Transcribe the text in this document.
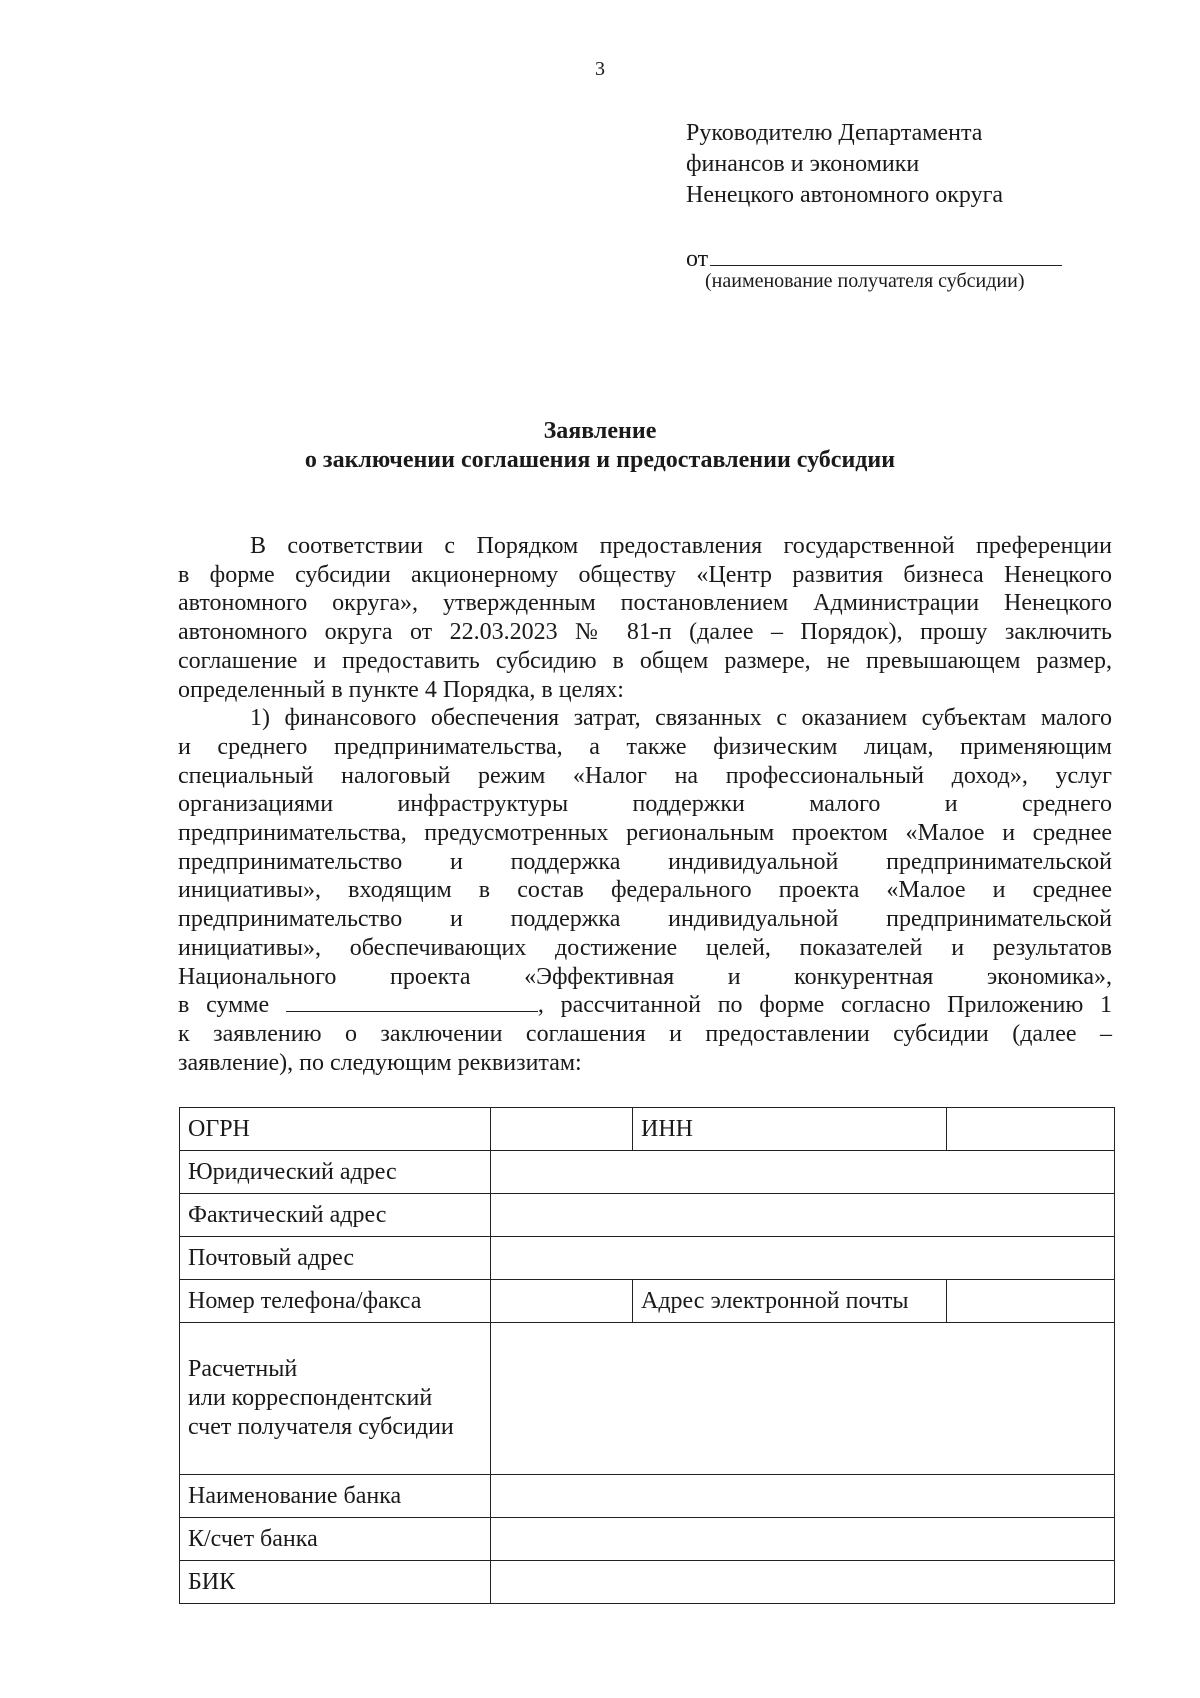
3
Руководителю Департамента
финансов и экономики
Ненецкого автономного округа
от
(наименование получателя субсидии)
Заявление
о заключении соглашения и предоставлении субсидии

В соответствии с Порядком предоставления государственной преференции

в форме субсидии акционерному обществу «Центр развития бизнеса Ненецкого

автономного округа», утвержденным постановлением Администрации Ненецкого

автономного округа от 22.03.2023 № 81-п (далее – Порядок), прошу заключить

соглашение и предоставить субсидию в общем размере, не превышающем размер,

определенный в пункте 4 Порядка, в целях:

1) финансового обеспечения затрат, связанных с оказанием субъектам малого

и среднего предпринимательства, а также физическим лицам, применяющим

специальный налоговый режим «Налог на профессиональный доход», услуг

организациями инфраструктуры поддержки малого и среднего

предпринимательства, предусмотренных региональным проектом «Малое и среднее

предпринимательство и поддержка индивидуальной предпринимательской

инициативы», входящим в состав федерального проекта «Малое и среднее

предпринимательство и поддержка индивидуальной предпринимательской

инициативы», обеспечивающих достижение целей, показателей и результатов

Национального проекта «Эффективная и конкурентная экономика»,

в сумме	, рассчитанной по форме согласно Приложению 1

к заявлению о заключении соглашения и предоставлении субсидии (далее –

заявление), по следующим реквизитам:

ОГРН		ИНН	
Юридический адрес			
Фактический адрес			
Почтовый адрес			
Номер телефона/факса		Адрес электронной почты	

Расчетный
или корреспондентский
счет получателя субсидии			

Наименование банка			
К/счет банка			
БИК			
